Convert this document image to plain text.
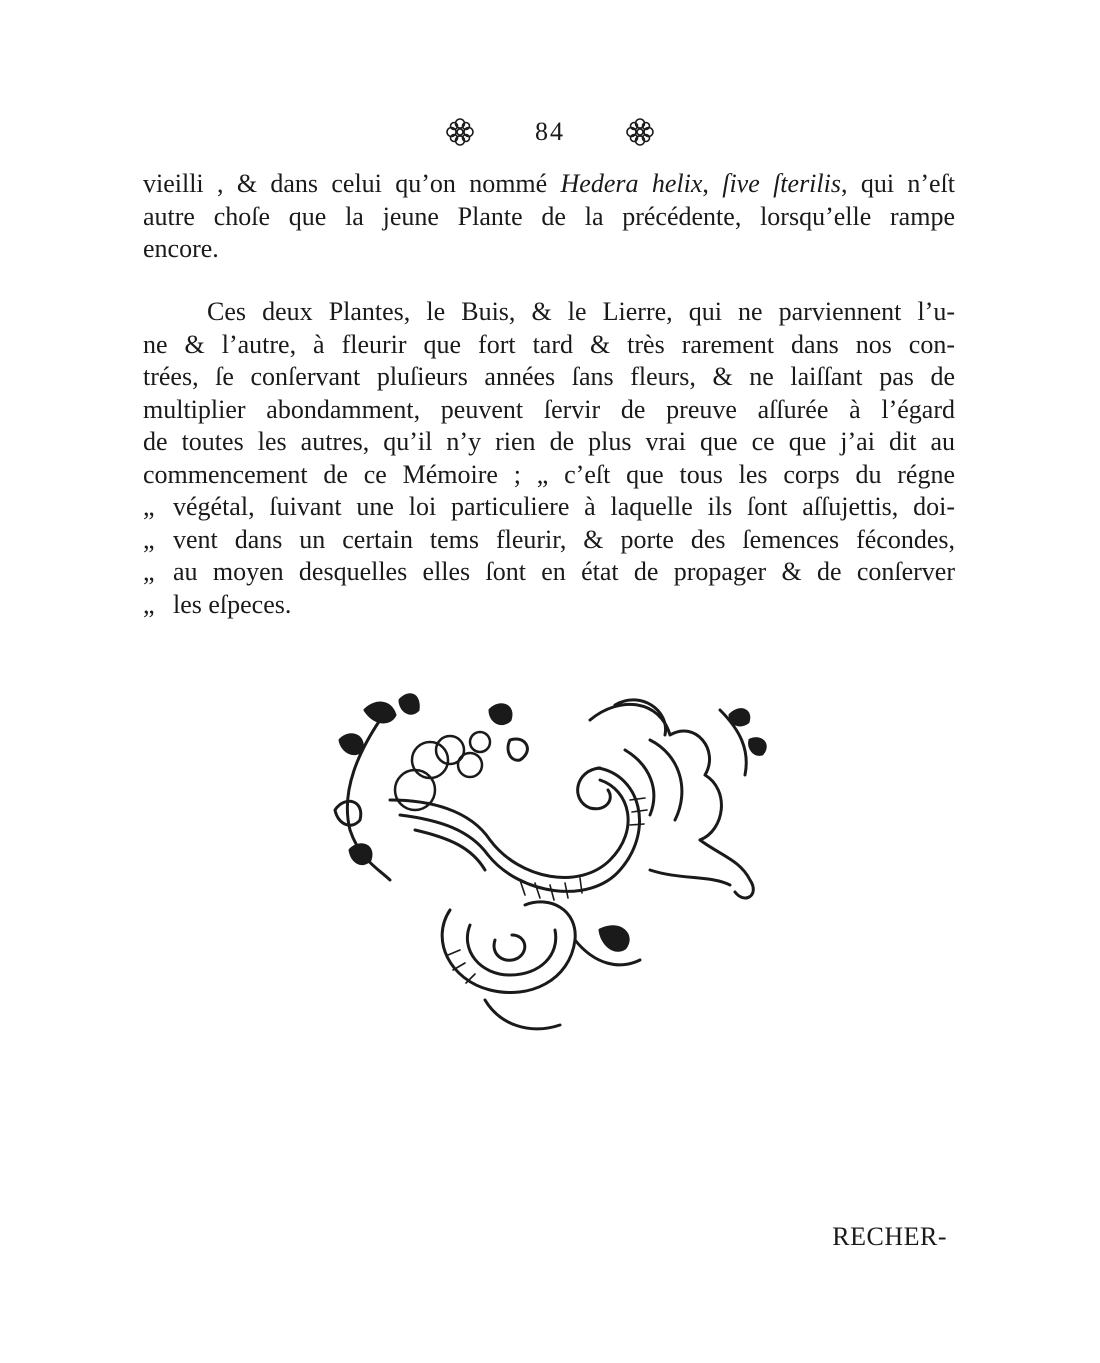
84
vieilli , & dans celui qu’on nommé Hedera helix, ſive ſterilis, qui n’eſt
autre choſe que la jeune Plante de la précédente, lorsqu’elle rampe
encore.
Ces deux Plantes, le Buis, & le Lierre, qui ne parviennent l’u-
ne & l’autre, à fleurir que fort tard & très rarement dans nos con-
trées, ſe conſervant pluſieurs années ſans fleurs, & ne laiſſant pas de
multiplier abondamment, peuvent ſervir de preuve aſſurée à l’égard
de toutes les autres, qu’il n’y rien de plus vrai que ce que j’ai dit au
commencement de ce Mémoire ; „ c’eſt que tous les corps du régne
„ végétal, ſuivant une loi particuliere à laquelle ils ſont aſſujettis, doi-
„ vent dans un certain tems fleurir, & porte des ſemences fécondes,
„ au moyen desquelles elles ſont en état de propager & de conſerver
„ les eſpeces.
RECHER-
